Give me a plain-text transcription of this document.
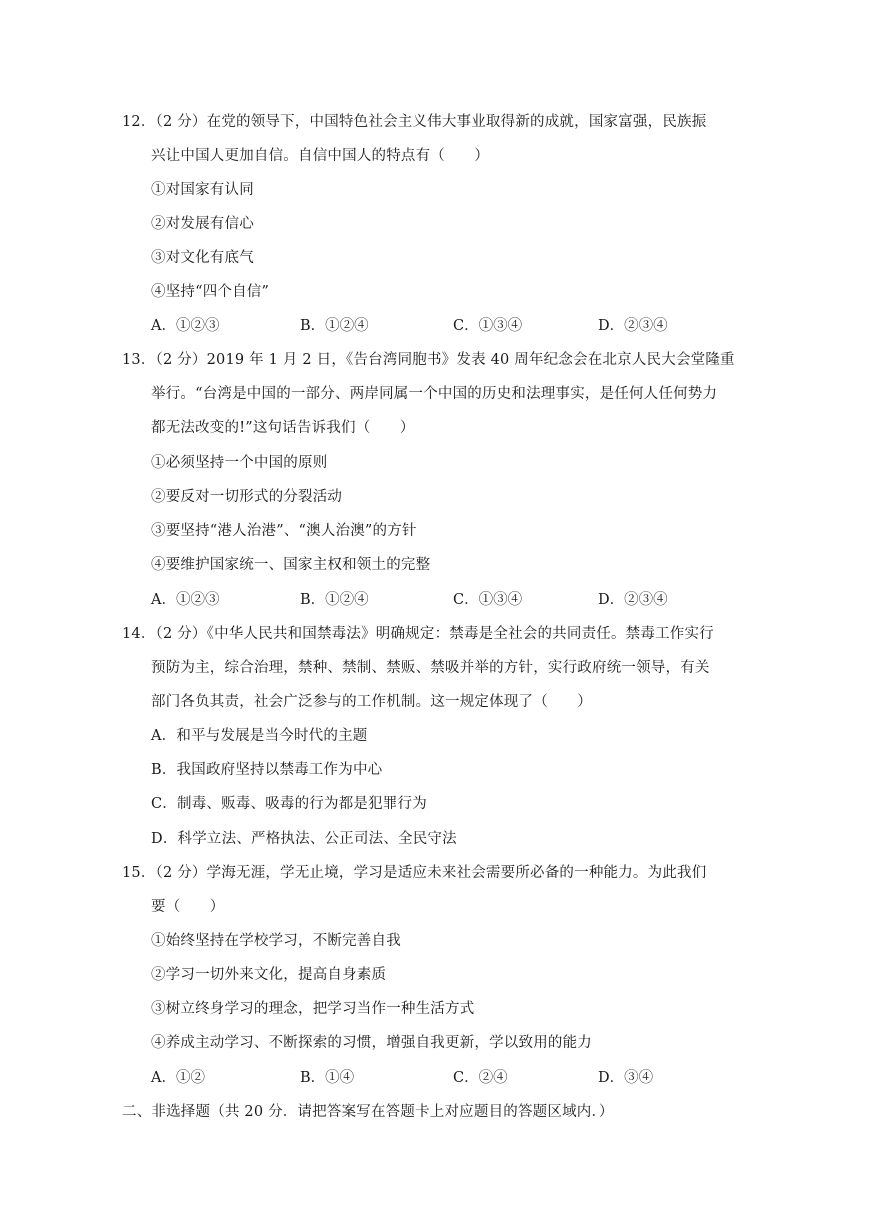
12．（2 分）在党的领导下，中国特色社会主义伟大事业取得新的成就，国家富强，民族振
兴让中国人更加自信。自信中国人的特点有（　　）
①对国家有认同
②对发展有信心
③对文化有底气
④坚持“四个自信”
A．①②③	B．①②④	C．①③④	D．②③④
13．（2 分）2019 年 1 月 2 日，《告台湾同胞书》发表 40 周年纪念会在北京人民大会堂隆重
举行。“台湾是中国的一部分、两岸同属一个中国的历史和法理事实，是任何人任何势力
都无法改变的!”这句话告诉我们（　　）
①必须坚持一个中国的原则
②要反对一切形式的分裂活动
③要坚持“港人治港”、“澳人治澳”的方针
④要维护国家统一、国家主权和领土的完整
A．①②③	B．①②④	C．①③④	D．②③④
14．（2 分）《中华人民共和国禁毒法》明确规定：禁毒是全社会的共同责任。禁毒工作实行
预防为主，综合治理，禁种、禁制、禁贩、禁吸并举的方针，实行政府统一领导，有关
部门各负其责，社会广泛参与的工作机制。这一规定体现了（　　）
A．和平与发展是当今时代的主题
B．我国政府坚持以禁毒工作为中心
C．制毒、贩毒、吸毒的行为都是犯罪行为
D．科学立法、严格执法、公正司法、全民守法
15．（2 分）学海无涯，学无止境，学习是适应未来社会需要所必备的一种能力。为此我们
要（　　）
①始终坚持在学校学习，不断完善自我
②学习一切外来文化，提高自身素质
③树立终身学习的理念，把学习当作一种生活方式
④养成主动学习、不断探索的习惯，增强自我更新，学以致用的能力
A．①②	B．①④	C．②④	D．③④
二、非选择题（共 20 分．请把答案写在答题卡上对应题目的答题区域内．）
